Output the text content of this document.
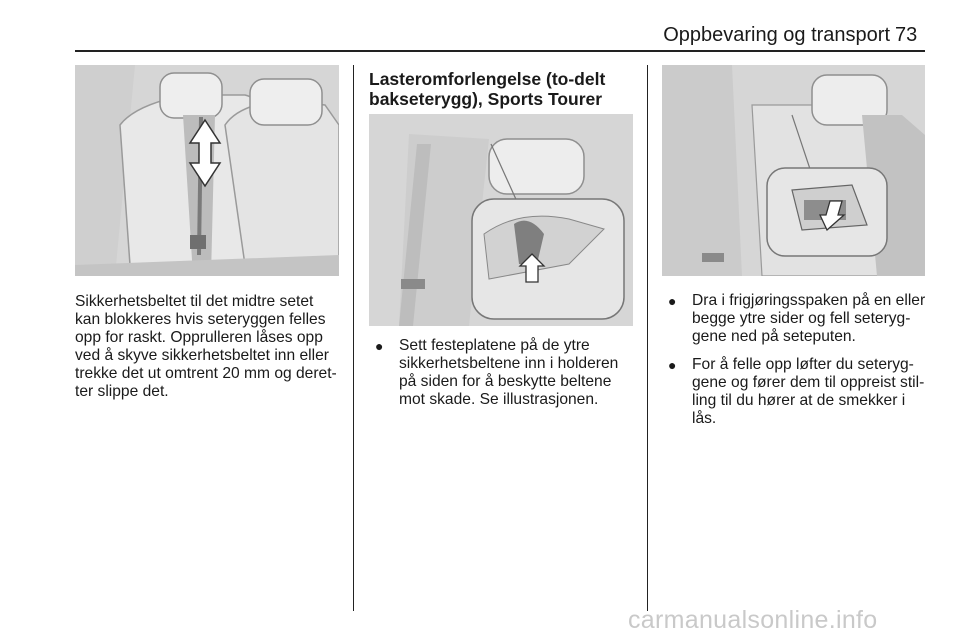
Oppbevaring og transport 73

Sikkerhetsbeltet til det midtre setet

kan blokkeres hvis seteryggen felles

opp for raskt. Opprulleren låses opp

ved å skyve sikkerhetsbeltet inn eller

trekke det ut omtrent 20 mm og deret-

ter slippe det.

Lasteromforlengelse (to-delt
bakseterygg), Sports Tourer
● Sett festeplatene på de ytre
sikkerhetsbeltene inn i holderen
på siden for å beskytte beltene
mot skade. Se illustrasjonen.
● Dra i frigjøringsspaken på en eller
begge ytre sider og fell seteryg-
gene ned på seteputen.
● For å felle opp løfter du seteryg-
gene og fører dem til oppreist stil-
ling til du hører at de smekker i
lås.
carmanualsonline.info
